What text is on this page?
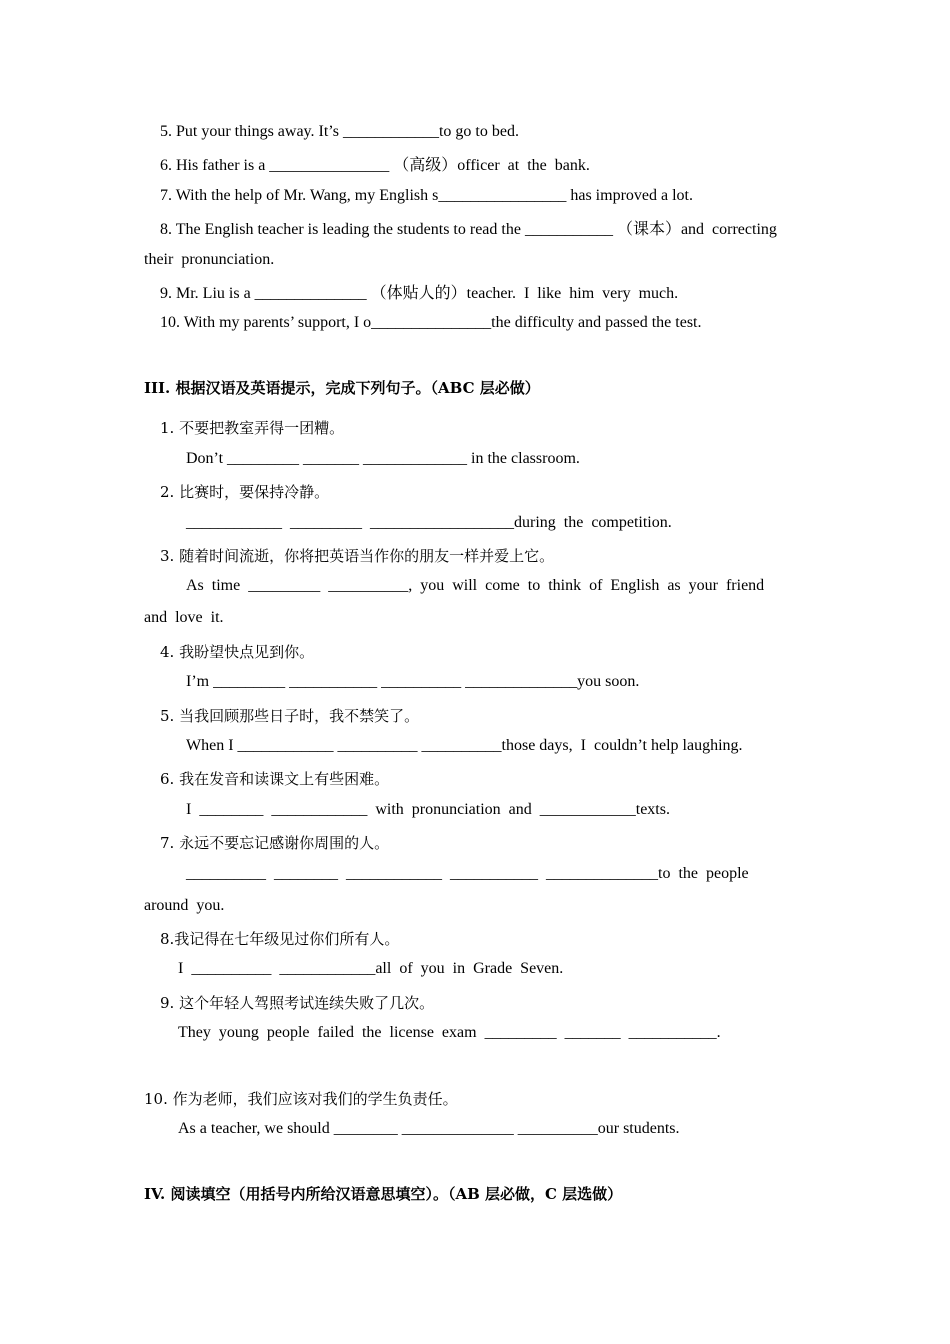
5. Put your things away. It’s ____________to go to bed.
6. His father is a _______________ （高级）officer  at  the  bank.
7. With the help of Mr. Wang, my English s________________ has improved a lot.
8. The English teacher is leading the students to read the ___________ （课本）and  correcting
their  pronunciation.
9. Mr. Liu is a ______________ （体贴人的）teacher.  I  like  him  very  much.
10. With my parents’ support, I o_______________the difficulty and passed the test.
III. 根据汉语及英语提示，完成下列句子。（ABC 层必做）
1. 不要把教室弄得一团糟。
Don’t _________ _______ _____________ in the classroom.
2. 比赛时，要保持冷静。
____________  _________  __________________during  the  competition.
3. 随着时间流逝，你将把英语当作你的朋友一样并爱上它。
As  time  _________  __________,  you  will  come  to  think  of  English  as  your  friend
and  love  it.
4. 我盼望快点见到你。
I’m _________ ___________ __________ ______________you soon.
5. 当我回顾那些日子时，我不禁笑了。
When I ____________ __________ __________those days,  I  couldn’t help laughing.
6. 我在发音和读课文上有些困难。
I  ________  ____________  with  pronunciation  and  ____________texts.
7. 永远不要忘记感谢你周围的人。
__________  ________  ____________  ___________  ______________to  the  people
around  you.
8.我记得在七年级见过你们所有人。
I  __________  ____________all  of  you  in  Grade  Seven.
9. 这个年轻人驾照考试连续失败了几次。
They  young  people  failed  the  license  exam  _________  _______  ___________.
10. 作为老师，我们应该对我们的学生负责任。
As a teacher, we should ________ ______________ __________our students.
IV. 阅读填空（用括号内所给汉语意思填空）。（AB 层必做，C 层选做）
